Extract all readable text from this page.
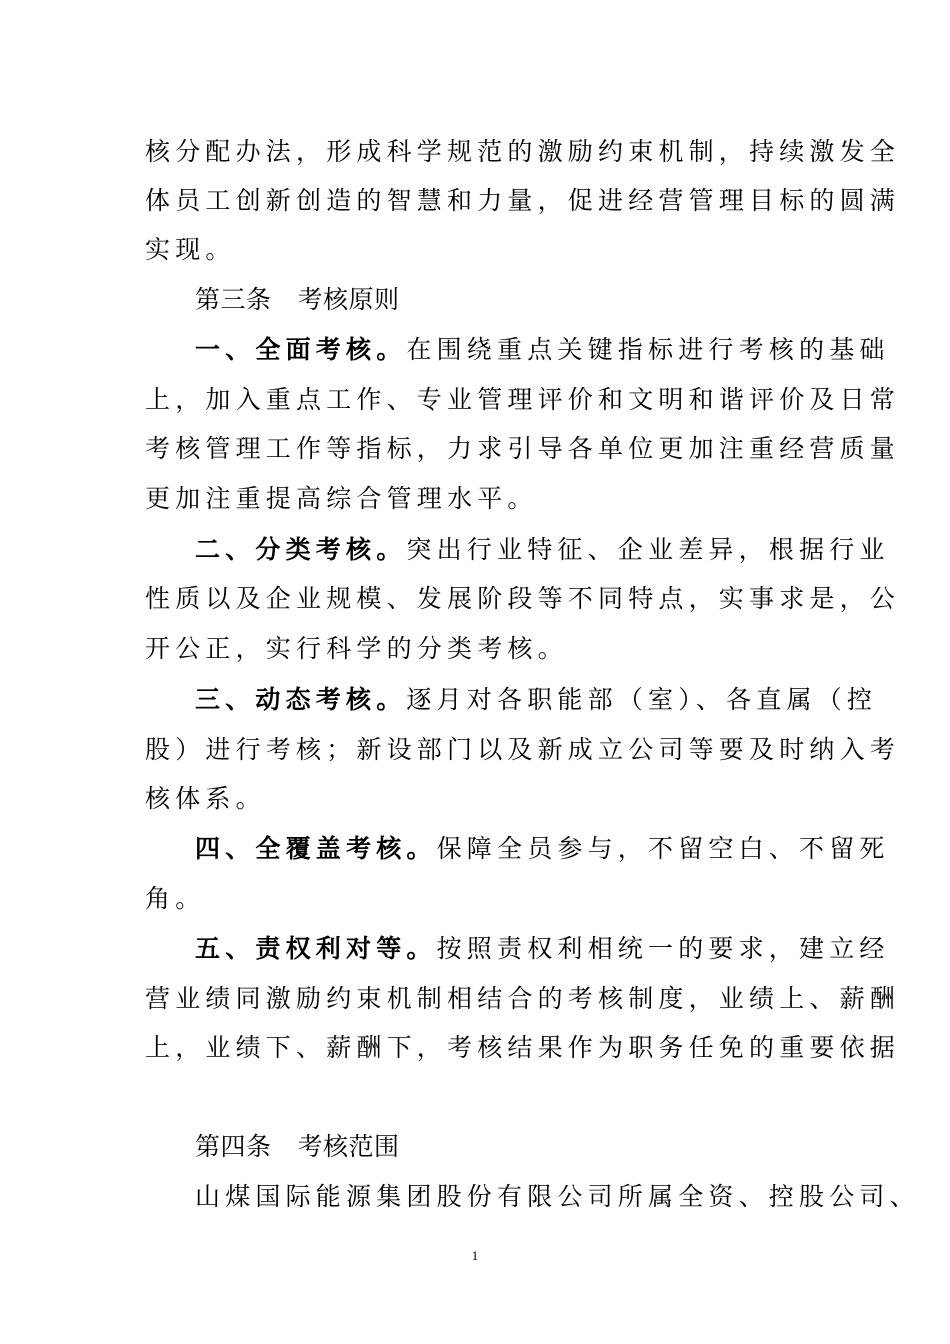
核分配办法，形成科学规范的激励约束机制，持续激发全
体员工创新创造的智慧和力量，促进经营管理目标的圆满
实现。
第三条 考核原则
一、全面考核。在围绕重点关键指标进行考核的基础
上，加入重点工作、专业管理评价和文明和谐评价及日常
考核管理工作等指标，力求引导各单位更加注重经营质量
更加注重提高综合管理水平。
二、分类考核。突出行业特征、企业差异，根据行业
性质以及企业规模、发展阶段等不同特点，实事求是，公
开公正，实行科学的分类考核。
三、动态考核。逐月对各职能部（室）、各直属（控
股）进行考核；新设部门以及新成立公司等要及时纳入考
核体系。
四、全覆盖考核。保障全员参与，不留空白、不留死
角。
五、责权利对等。按照责权利相统一的要求，建立经
营业绩同激励约束机制相结合的考核制度，业绩上、薪酬
上，业绩下、薪酬下，考核结果作为职务任免的重要依据
第四条 考核范围
山煤国际能源集团股份有限公司所属全资、控股公司、
1
